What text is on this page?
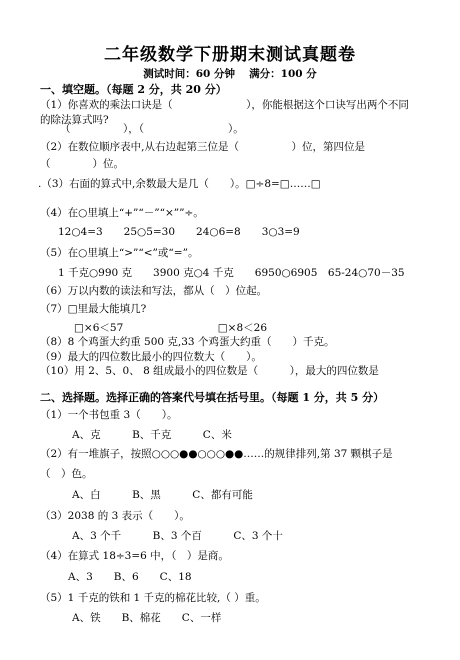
二年级数学下册期末测试真题卷
测试时间：60 分钟　 满分：100 分
一、填空题。（每题 2 分，共 20 分）
（1）你喜欢的乘法口诀是（　　　　　　　），你能根据这个口诀写出两个不同
的除法算式吗?
（　　　　　），（　　　　　　　　）。
（2）在数位顺序表中,从右边起第三位是（　　　　　）位，第四位是
（　　　　）位。
.（3）右面的算式中,余数最大是几（　　）。□÷8=□……□
（4）在○里填上“+”“－”“×””÷。
12○4=3　　25○5=30　　24○6=8　　3○3=9
（5）在○里填上“>”“<”或“=”。
1 千克○990 克　　3900 克○4 千克　　6950○6905　65-24○70－35
（6）万以内数的读法和写法，都从（　）位起。
（7）□里最大能填几?
□×6＜57　　　　　　　　　□×8＜26
（8）8 个鸡蛋大约重 500 克,33 个鸡蛋大约重（　　）千克。
（9）最大的四位数比最小的四位数大（　　）。
（10）用 2、5、0、 8 组成最小的四位数是（　　　），最大的四位数是
二、选择题。选择正确的答案代号填在括号里。（每题 1 分，共 5 分）
（1）一个书包重 3（　　）。
A、克　　　B、千克　　　C、米
（2）有一堆旗子，按照○○○●●○○○●●……的规律排列,第 37 颗棋子是
（　）色。
A、白　　　B、黑　　　C、都有可能
（3）2038 的 3 表示（　　）。
A、3 个千　　　B、3 个百　　　C、3 个十
（4）在算式 18÷3=6 中，（　）是商。
A、3　　B、6　　C、18
（5）1 千克的铁和 1 千克的棉花比较,（ ）重。
A、铁　　B、棉花　　C、一样
